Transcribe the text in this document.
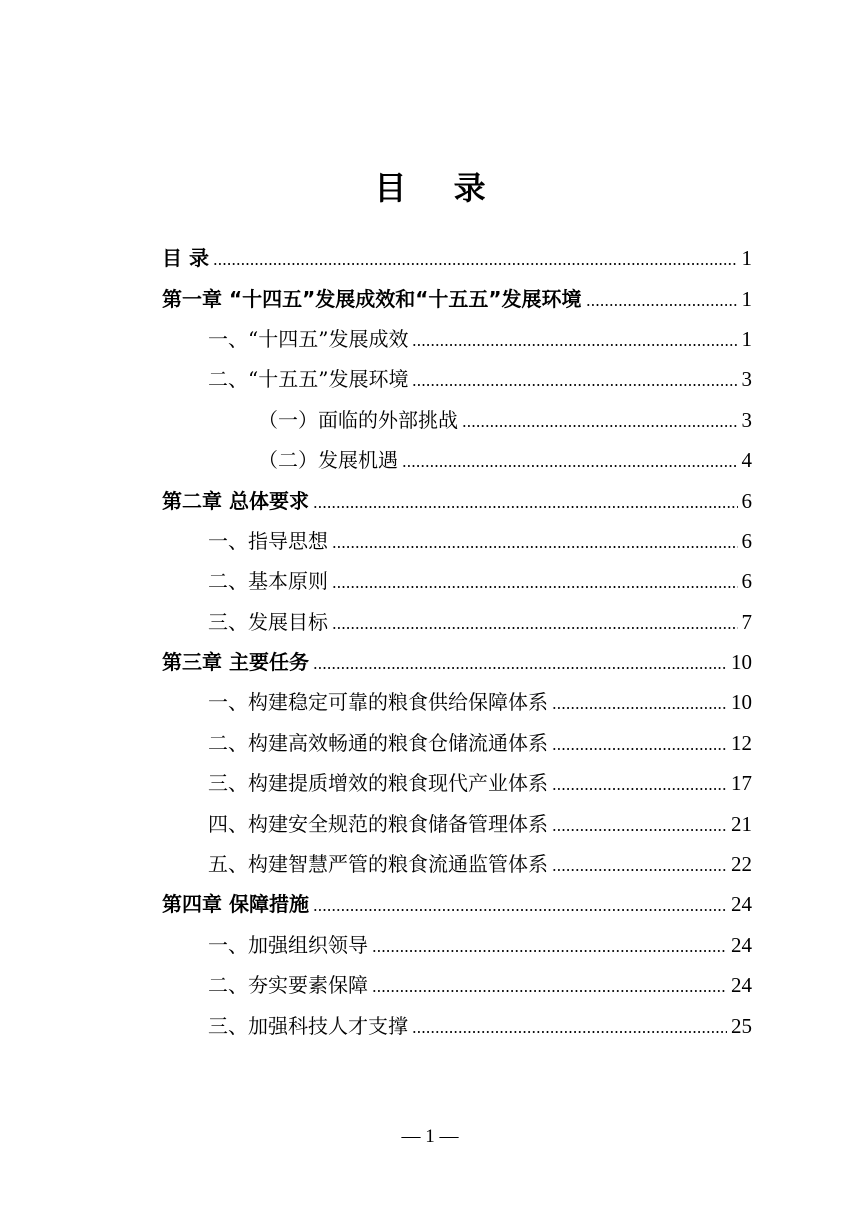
目 录
目 录	1
第一章 “十四五”发展成效和“十五五”发展环境	1
一、“十四五”发展成效	1
二、“十五五”发展环境	3
（一）面临的外部挑战	3
（二）发展机遇	4
第二章 总体要求	6
一、指导思想	6
二、基本原则	6
三、发展目标	7
第三章 主要任务	10
一、构建稳定可靠的粮食供给保障体系	10
二、构建高效畅通的粮食仓储流通体系	12
三、构建提质增效的粮食现代产业体系	17
四、构建安全规范的粮食储备管理体系	21
五、构建智慧严管的粮食流通监管体系	22
第四章 保障措施	24
一、加强组织领导	24
二、夯实要素保障	24
三、加强科技人才支撑	25
— 1 —
